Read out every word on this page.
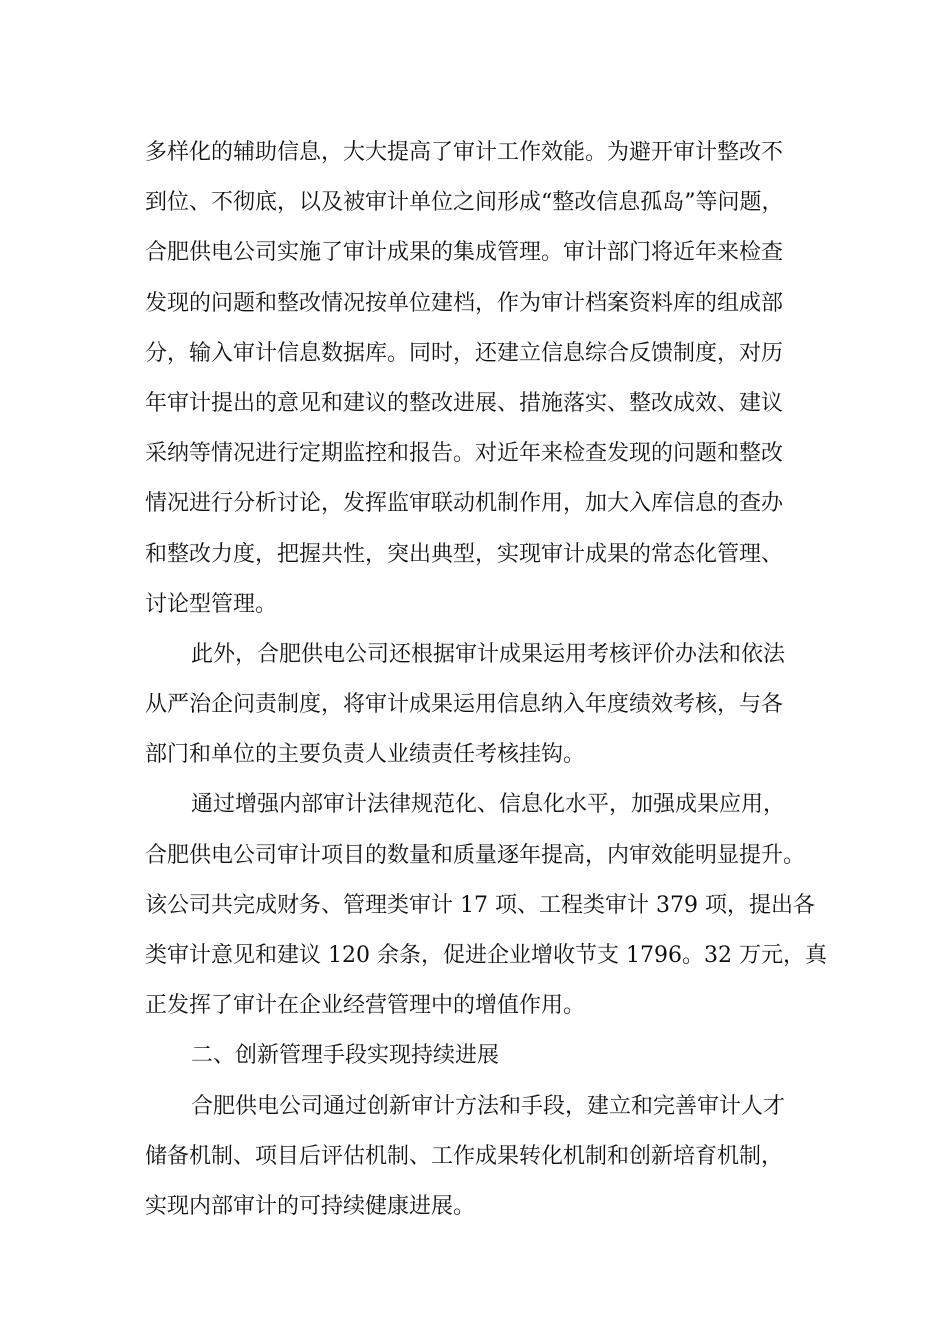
多样化的辅助信息，大大提高了审计工作效能。为避开审计整改不
到位、不彻底，以及被审计单位之间形成“整改信息孤岛”等问题，
合肥供电公司实施了审计成果的集成管理。审计部门将近年来检查
发现的问题和整改情况按单位建档，作为审计档案资料库的组成部
分，输入审计信息数据库。同时，还建立信息综合反馈制度，对历
年审计提出的意见和建议的整改进展、措施落实、整改成效、建议
采纳等情况进行定期监控和报告。对近年来检查发现的问题和整改
情况进行分析讨论，发挥监审联动机制作用，加大入库信息的查办
和整改力度，把握共性，突出典型，实现审计成果的常态化管理、
讨论型管理。
此外，合肥供电公司还根据审计成果运用考核评价办法和依法
从严治企问责制度，将审计成果运用信息纳入年度绩效考核，与各
部门和单位的主要负责人业绩责任考核挂钩。
通过增强内部审计法律规范化、信息化水平，加强成果应用，
合肥供电公司审计项目的数量和质量逐年提高，内审效能明显提升。
该公司共完成财务、管理类审计 17 项、工程类审计 379 项，提出各
类审计意见和建议 120 余条，促进企业增收节支 1796。32 万元，真
正发挥了审计在企业经营管理中的增值作用。
二、创新管理手段实现持续进展
合肥供电公司通过创新审计方法和手段，建立和完善审计人才
储备机制、项目后评估机制、工作成果转化机制和创新培育机制，
实现内部审计的可持续健康进展。
